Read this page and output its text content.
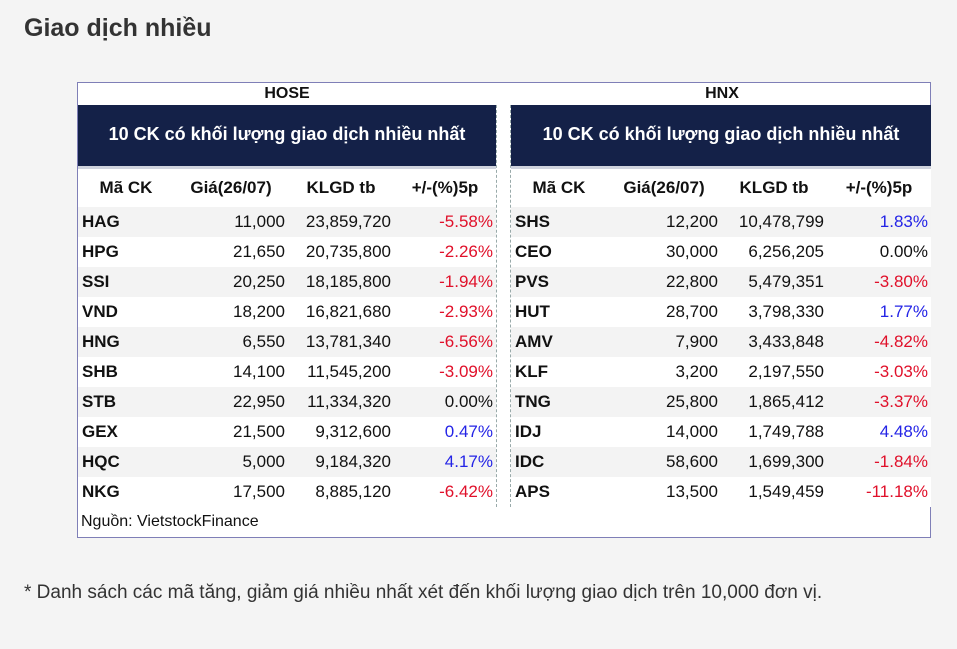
Giao dịch nhiều
HOSE	HNX
10 CK có khối lượng giao dịch nhiều nhất
Mã CK	Giá(26/07)	KLGD tb	+/-(%)5p
HAG	11,000	23,859,720	-5.58%
HPG	21,650	20,735,800	-2.26%
SSI	20,250	18,185,800	-1.94%
VND	18,200	16,821,680	-2.93%
HNG	6,550	13,781,340	-6.56%
SHB	14,100	11,545,200	-3.09%
STB	22,950	11,334,320	0.00%
GEX	21,500	9,312,600	0.47%
HQC	5,000	9,184,320	4.17%
NKG	17,500	8,885,120	-6.42%
10 CK có khối lượng giao dịch nhiều nhất
Mã CK	Giá(26/07)	KLGD tb	+/-(%)5p
SHS	12,200	10,478,799	1.83%
CEO	30,000	6,256,205	0.00%
PVS	22,800	5,479,351	-3.80%
HUT	28,700	3,798,330	1.77%
AMV	7,900	3,433,848	-4.82%
KLF	3,200	2,197,550	-3.03%
TNG	25,800	1,865,412	-3.37%
IDJ	14,000	1,749,788	4.48%
IDC	58,600	1,699,300	-1.84%
APS	13,500	1,549,459	-11.18%
Nguồn: VietstockFinance
* Danh sách các mã tăng, giảm giá nhiều nhất xét đến khối lượng giao dịch trên 10,000 đơn vị.
